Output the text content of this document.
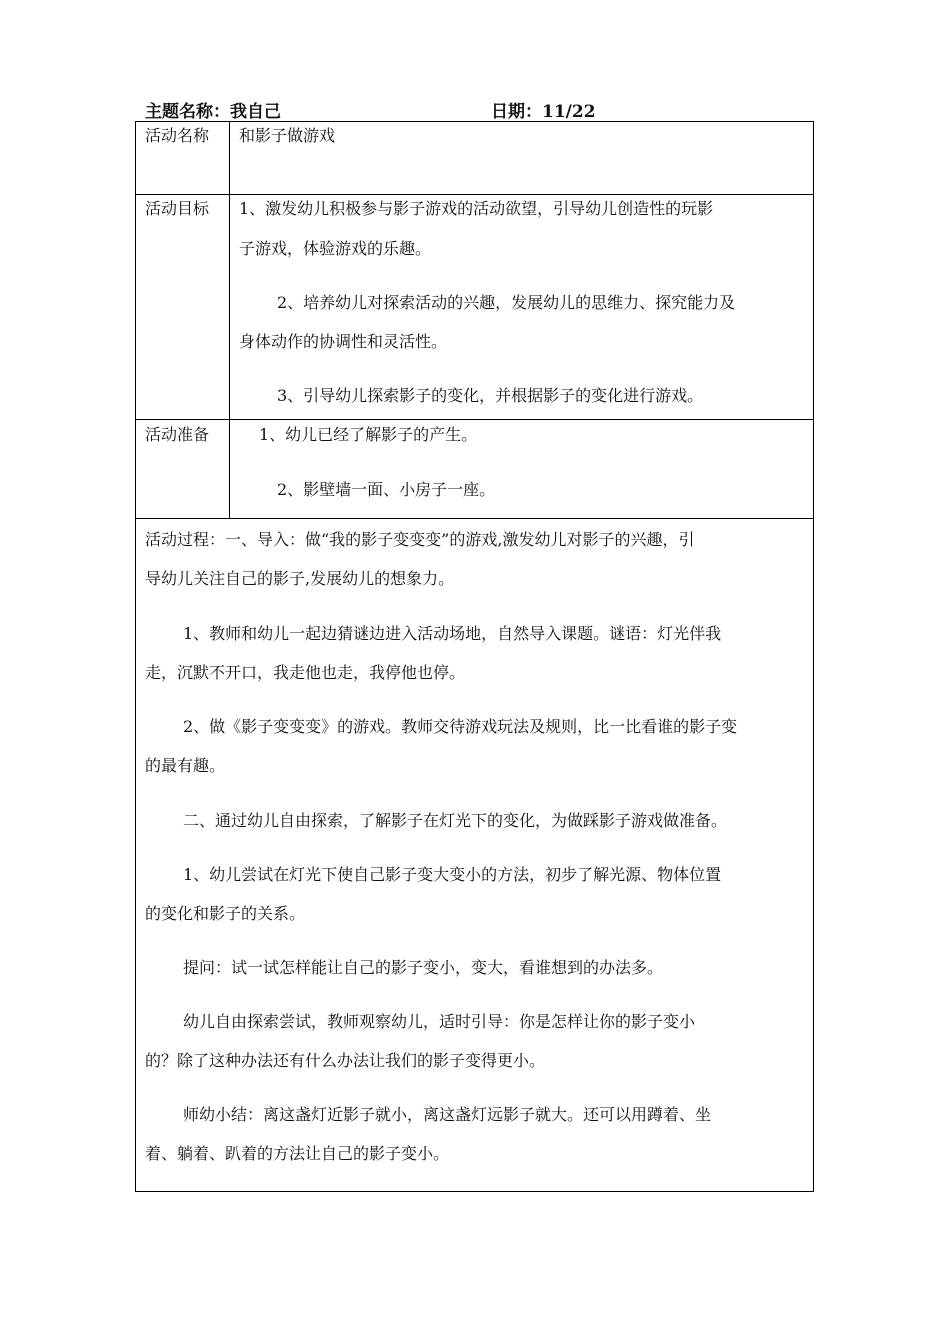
主题名称：我自己	日期：11/22
活动名称 和影子做游戏
活动目标 1、激发幼儿积极参与影子游戏的活动欲望，引导幼儿创造性的玩影
子游戏，体验游戏的乐趣。
2、培养幼儿对探索活动的兴趣，发展幼儿的思维力、探究能力及
身体动作的协调性和灵活性。
3、引导幼儿探索影子的变化，并根据影子的变化进行游戏。
活动准备	1、幼儿已经了解影子的产生。
2、影壁墙一面、小房子一座。
活动过程：一、导入：做“我的影子变变变”的游戏,激发幼儿对影子的兴趣，引
导幼儿关注自己的影子,发展幼儿的想象力。
1、教师和幼儿一起边猜谜边进入活动场地，自然导入课题。谜语：灯光伴我
走，沉默不开口，我走他也走，我停他也停。
2、做《影子变变变》的游戏。教师交待游戏玩法及规则，比一比看谁的影子变
的最有趣。
二、通过幼儿自由探索，了解影子在灯光下的变化，为做踩影子游戏做准备。
1、幼儿尝试在灯光下使自己影子变大变小的方法，初步了解光源、物体位置
的变化和影子的关系。
提问：试一试怎样能让自己的影子变小，变大，看谁想到的办法多。
幼儿自由探索尝试，教师观察幼儿，适时引导：你是怎样让你的影子变小
的？除了这种办法还有什么办法让我们的影子变得更小。
师幼小结：离这盏灯近影子就小，离这盏灯远影子就大。还可以用蹲着、坐
着、躺着、趴着的方法让自己的影子变小。
